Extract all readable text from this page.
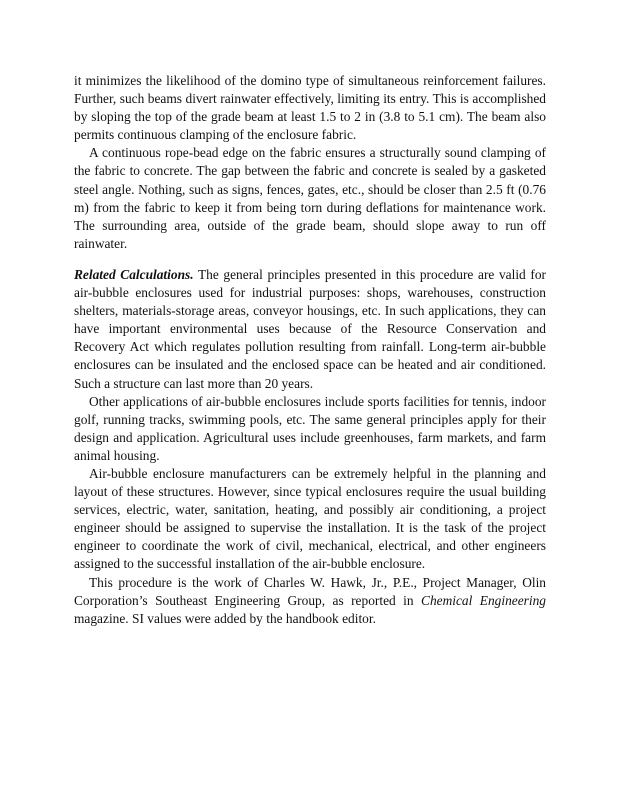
it minimizes the likelihood of the domino type of simultaneous reinforcement failures. Further, such beams divert rainwater effectively, limiting its entry. This is accomplished by sloping the top of the grade beam at least 1.5 to 2 in (3.8 to 5.1 cm). The beam also permits continuous clamping of the enclosure fabric.

A continuous rope-bead edge on the fabric ensures a structurally sound clamping of the fabric to concrete. The gap between the fabric and concrete is sealed by a gasketed steel angle. Nothing, such as signs, fences, gates, etc., should be closer than 2.5 ft (0.76 m) from the fabric to keep it from being torn during deflations for maintenance work. The surrounding area, outside of the grade beam, should slope away to run off rainwater.

Related Calculations. The general principles presented in this procedure are valid for air-bubble enclosures used for industrial purposes: shops, warehouses, construction shelters, materials-storage areas, conveyor housings, etc. In such applications, they can have important environmental uses because of the Resource Conservation and Recovery Act which regulates pollution resulting from rainfall. Long-term air-bubble enclosures can be insulated and the enclosed space can be heated and air conditioned. Such a structure can last more than 20 years.

Other applications of air-bubble enclosures include sports facilities for tennis, indoor golf, running tracks, swimming pools, etc. The same general principles apply for their design and application. Agricultural uses include greenhouses, farm markets, and farm animal housing.

Air-bubble enclosure manufacturers can be extremely helpful in the planning and layout of these structures. However, since typical enclosures require the usual building services, electric, water, sanitation, heating, and possibly air conditioning, a project engineer should be assigned to supervise the installation. It is the task of the project engineer to coordinate the work of civil, mechanical, electrical, and other engineers assigned to the successful installation of the air-bubble enclosure.

This procedure is the work of Charles W. Hawk, Jr., P.E., Project Manager, Olin Corporation’s Southeast Engineering Group, as reported in Chemical Engineering magazine. SI values were added by the handbook editor.
